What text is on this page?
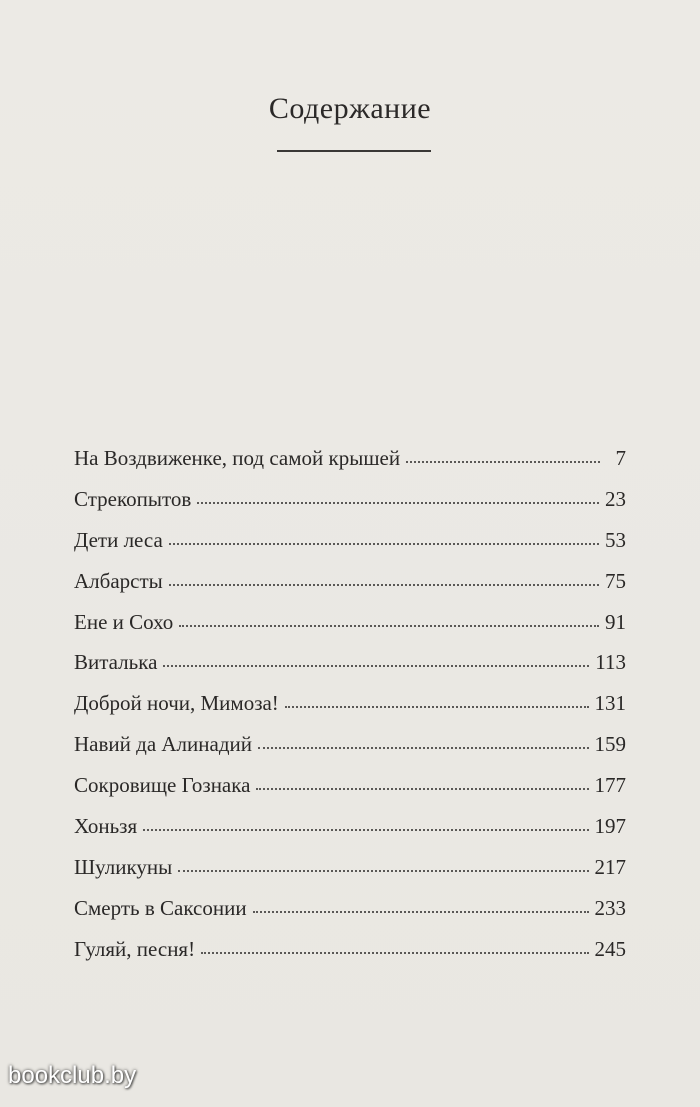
Содержание
На Воздвиженке, под самой крышей	7
Стрекопытов	23
Дети леса	53
Албарсты	75
Ене и Сохо	91
Виталька	113
Доброй ночи, Мимоза!	131
Навий да Алинадий	159
Сокровище Гознака	177
Хоньзя	197
Шуликуны	217
Смерть в Саксонии	233
Гуляй, песня!	245
bookclub.by
